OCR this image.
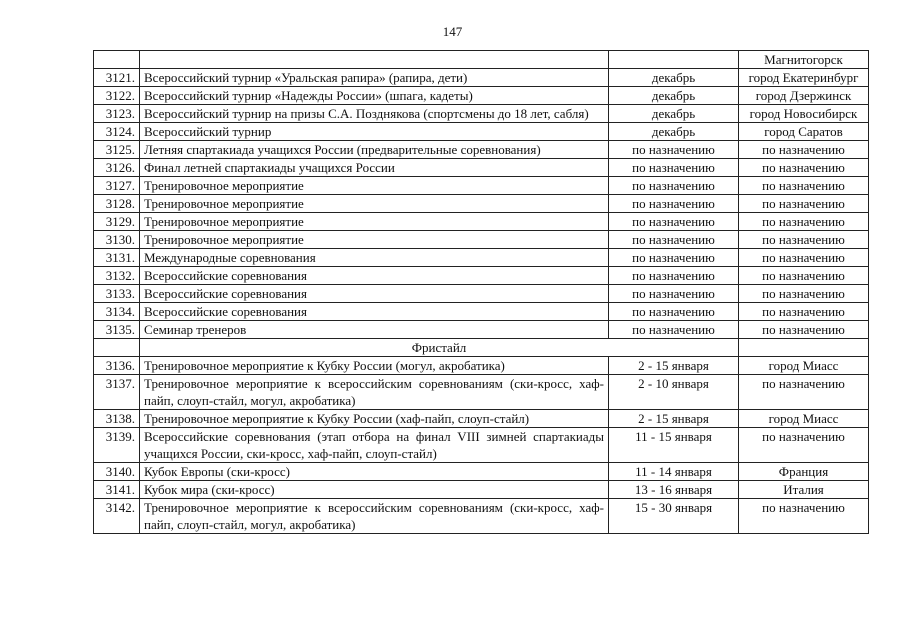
147
			Магнитогорск
3121.	Всероссийский турнир «Уральская рапира» (рапира, дети)	декабрь	город Екатеринбург
3122.	Всероссийский турнир «Надежды России» (шпага, кадеты)	декабрь	город Дзержинск
3123.	Всероссийский турнир на призы С.А. Позднякова (спортсмены до 18 лет, сабля)	декабрь	город Новосибирск
3124.	Всероссийский турнир	декабрь	город Саратов
3125.	Летняя спартакиада учащихся России (предварительные соревнования)	по назначению	по назначению
3126.	Финал летней спартакиады учащихся России	по назначению	по назначению
3127.	Тренировочное мероприятие	по назначению	по назначению
3128.	Тренировочное мероприятие	по назначению	по назначению
3129.	Тренировочное мероприятие	по назначению	по назначению
3130.	Тренировочное мероприятие	по назначению	по назначению
3131.	Международные соревнования	по назначению	по назначению
3132.	Всероссийские соревнования	по назначению	по назначению
3133.	Всероссийские соревнования	по назначению	по назначению
3134.	Всероссийские соревнования	по назначению	по назначению
3135.	Семинар тренеров	по назначению	по назначению
	Фристайл		
3136.	Тренировочное мероприятие к Кубку России (могул, акробатика)	2 - 15 января	город Миасс
3137.	Тренировочное мероприятие к всероссийским соревнованиям (ски-кросс, хаф-пайп, слоуп-стайл, могул, акробатика)	2 - 10 января	по назначению
3138.	Тренировочное мероприятие к Кубку России (хаф-пайп, слоуп-стайл)	2 - 15 января	город Миасс
3139.	Всероссийские соревнования (этап отбора на финал VIII зимней спартакиады учащихся России, ски-кросс, хаф-пайп, слоуп-стайл)	11 - 15 января	по назначению
3140.	Кубок Европы (ски-кросс)	11 - 14 января	Франция
3141.	Кубок мира (ски-кросс)	13 - 16 января	Италия
3142.	Тренировочное мероприятие к всероссийским соревнованиям (ски-кросс, хаф-пайп, слоуп-стайл, могул, акробатика)	15 - 30 января	по назначению
